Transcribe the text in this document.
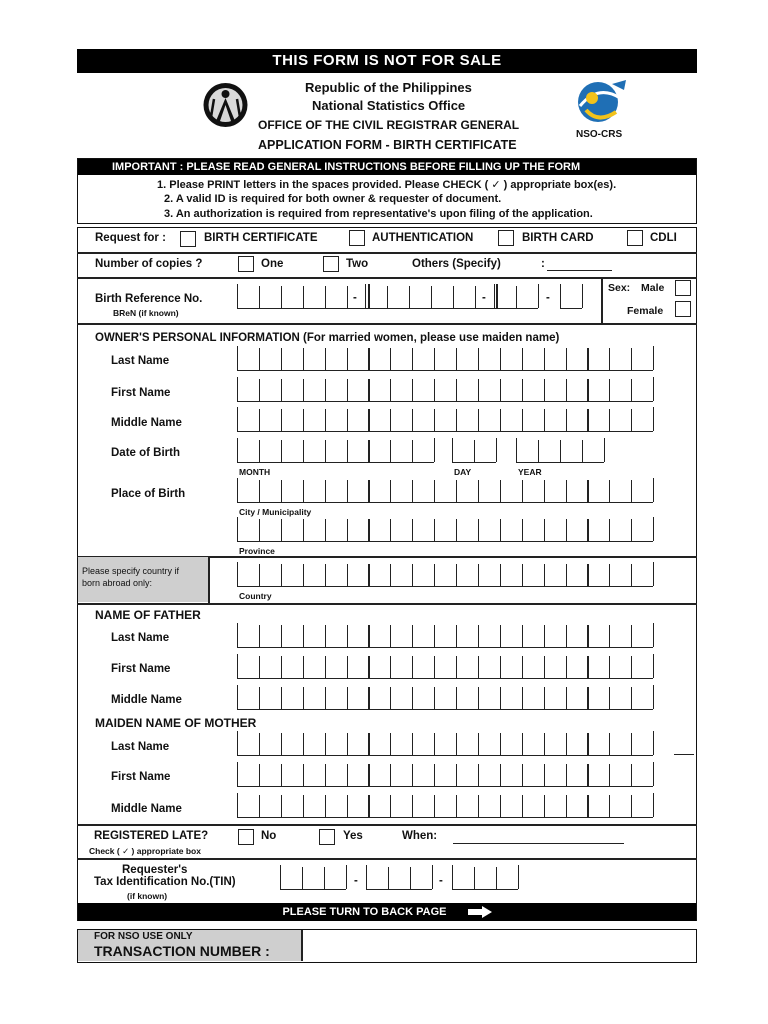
THIS FORM IS NOT FOR SALE
Republic of the Philippines
National Statistics Office
OFFICE OF THE CIVIL REGISTRAR GENERAL
APPLICATION FORM - BIRTH CERTIFICATE
NSO-CRS
IMPORTANT : PLEASE READ GENERAL INSTRUCTIONS BEFORE FILLING UP THE FORM
1. Please PRINT letters in the spaces provided. Please CHECK ( ✓ ) appropriate box(es).
2. A valid ID is required for both owner & requester of document.
3. An authorization is required from representative's upon filing of the application.
Request for :	BIRTH CERTIFICATE	AUTHENTICATION	BIRTH CARD	CDLI
Number of copies ?	One	Two	Others (Specify)	:
Birth Reference No.
BReN (if known)
-	-	-
Sex: Male
Female
OWNER'S PERSONAL INFORMATION (For married women, please use maiden name)
Last Name
First Name
Middle Name
Date of Birth
MONTH	DAY	YEAR
Place of Birth
City / Municipality
Province
Please specify country if
born abroad only:
Country
NAME OF FATHER
Last Name
First Name
Middle Name
MAIDEN NAME OF MOTHER
Last Name
First Name
Middle Name
REGISTERED LATE?
Check ( ✓ ) appropriate box
No	Yes	When:
Requester's
Tax Identification No.(TIN)
(if known)
-	-
PLEASE TURN TO BACK PAGE
FOR NSO USE ONLY
TRANSACTION NUMBER :
